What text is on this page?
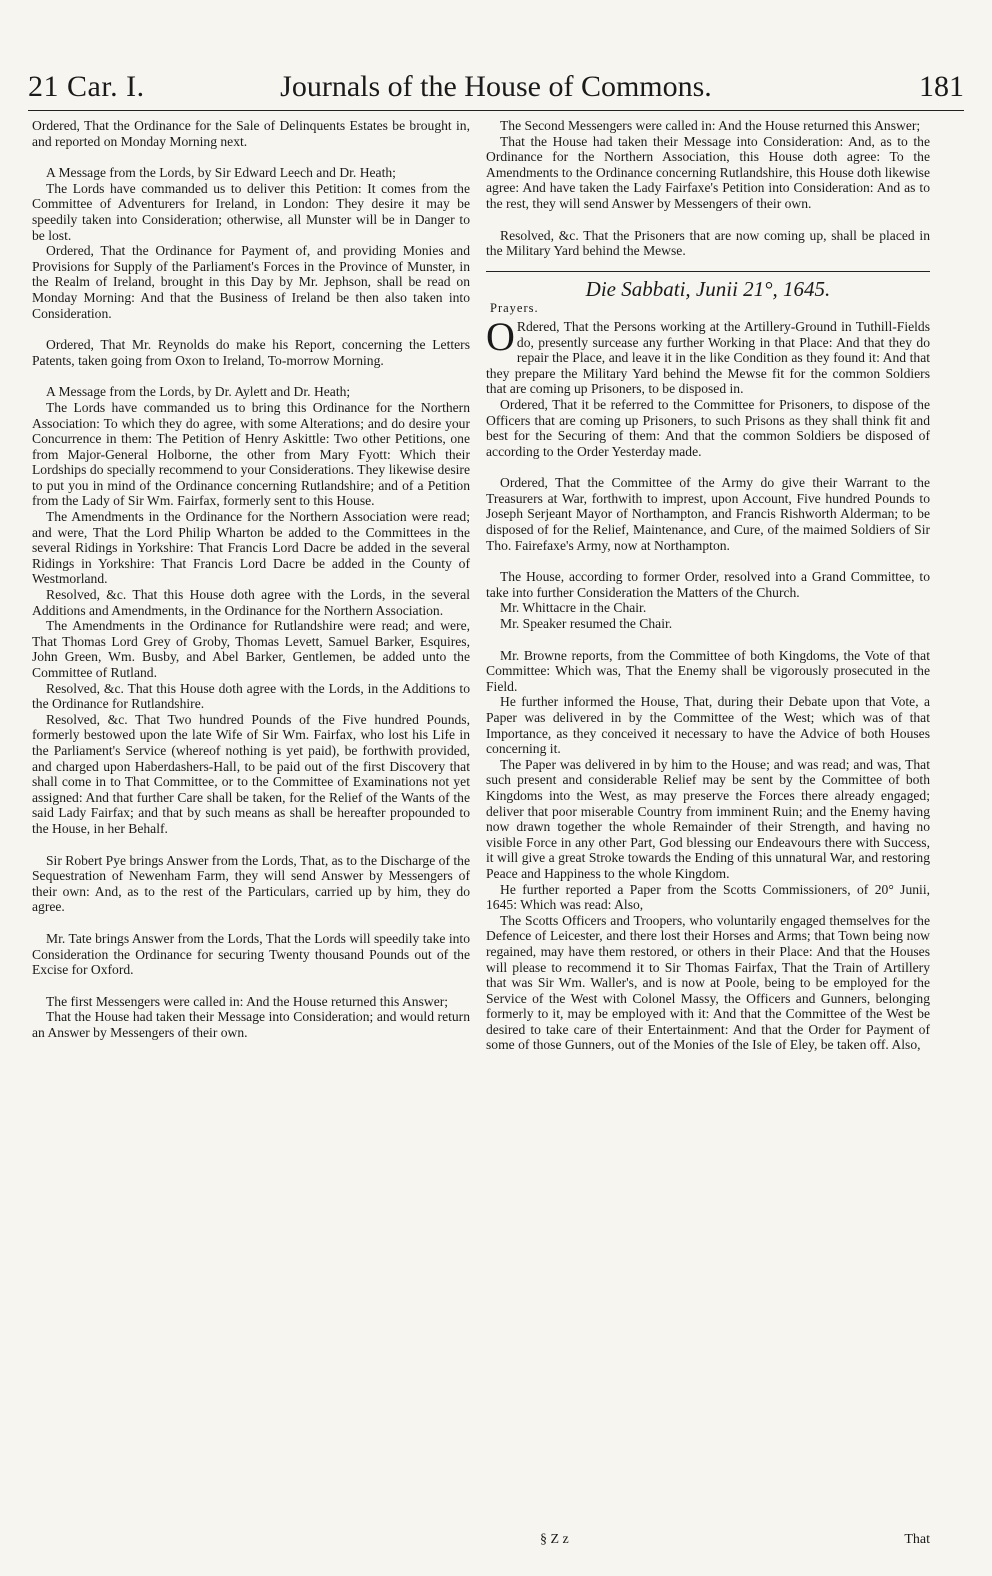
21 Car. I.	Journals of the House of Commons.	181

Ordered, That the Ordinance for the Sale of Delinquents Estates be brought in, and reported on Monday Morning next.

A Message from the Lords, by Sir Edward Leech and Dr. Heath;

The Lords have commanded us to deliver this Petition: It comes from the Committee of Adventurers for Ireland, in London: They desire it may be speedily taken into Consideration; otherwise, all Munster will be in Danger to be lost.

Ordered, That the Ordinance for Payment of, and providing Monies and Provisions for Supply of the Parliament's Forces in the Province of Munster, in the Realm of Ireland, brought in this Day by Mr. Jephson, shall be read on Monday Morning: And that the Business of Ireland be then also taken into Consideration.

Ordered, That Mr. Reynolds do make his Report, concerning the Letters Patents, taken going from Oxon to Ireland, To-morrow Morning.

A Message from the Lords, by Dr. Aylett and Dr. Heath;

The Lords have commanded us to bring this Ordinance for the Northern Association: To which they do agree, with some Alterations; and do desire your Concurrence in them: The Petition of Henry Askittle: Two other Petitions, one from Major-General Holborne, the other from Mary Fyott: Which their Lordships do specially recommend to your Considerations. They likewise desire to put you in mind of the Ordinance concerning Rutlandshire; and of a Petition from the Lady of Sir Wm. Fairfax, formerly sent to this House.

The Amendments in the Ordinance for the Northern Association were read; and were, That the Lord Philip Wharton be added to the Committees in the several Ridings in Yorkshire: That Francis Lord Dacre be added in the several Ridings in Yorkshire: That Francis Lord Dacre be added in the County of Westmorland.

Resolved, &c. That this House doth agree with the Lords, in the several Additions and Amendments, in the Ordinance for the Northern Association.

The Amendments in the Ordinance for Rutlandshire were read; and were, That Thomas Lord Grey of Groby, Thomas Levett, Samuel Barker, Esquires, John Green, Wm. Busby, and Abel Barker, Gentlemen, be added unto the Committee of Rutland.

Resolved, &c. That this House doth agree with the Lords, in the Additions to the Ordinance for Rutlandshire.

Resolved, &c. That Two hundred Pounds of the Five hundred Pounds, formerly bestowed upon the late Wife of Sir Wm. Fairfax, who lost his Life in the Parliament's Service (whereof nothing is yet paid), be forthwith provided, and charged upon Haberdashers-Hall, to be paid out of the first Discovery that shall come in to That Committee, or to the Committee of Examinations not yet assigned: And that further Care shall be taken, for the Relief of the Wants of the said Lady Fairfax; and that by such means as shall be hereafter propounded to the House, in her Behalf.

Sir Robert Pye brings Answer from the Lords, That, as to the Discharge of the Sequestration of Newenham Farm, they will send Answer by Messengers of their own: And, as to the rest of the Particulars, carried up by him, they do agree.

Mr. Tate brings Answer from the Lords, That the Lords will speedily take into Consideration the Ordinance for securing Twenty thousand Pounds out of the Excise for Oxford.

The first Messengers were called in: And the House returned this Answer;

That the House had taken their Message into Consideration; and would return an Answer by Messengers of their own.

The Second Messengers were called in: And the House returned this Answer;

That the House had taken their Message into Consideration: And, as to the Ordinance for the Northern Association, this House doth agree: To the Amendments to the Ordinance concerning Rutlandshire, this House doth likewise agree: And have taken the Lady Fairfaxe's Petition into Consideration: And as to the rest, they will send Answer by Messengers of their own.

Resolved, &c. That the Prisoners that are now coming up, shall be placed in the Military Yard behind the Mewse.

Die Sabbati, Junii 21°, 1645.
Prayers.

O Rdered, That the Persons working at the Artillery-Ground in Tuthill-Fields do, presently surcease any further Working in that Place: And that they do repair the Place, and leave it in the like Condition as they found it: And that they prepare the Military Yard behind the Mewse fit for the common Soldiers that are coming up Prisoners, to be disposed in.

Ordered, That it be referred to the Committee for Prisoners, to dispose of the Officers that are coming up Prisoners, to such Prisons as they shall think fit and best for the Securing of them: And that the common Soldiers be disposed of according to the Order Yesterday made.

Ordered, That the Committee of the Army do give their Warrant to the Treasurers at War, forthwith to imprest, upon Account, Five hundred Pounds to Joseph Serjeant Mayor of Northampton, and Francis Rishworth Alderman; to be disposed of for the Relief, Maintenance, and Cure, of the maimed Soldiers of Sir Tho. Fairefaxe's Army, now at Northampton.

The House, according to former Order, resolved into a Grand Committee, to take into further Consideration the Matters of the Church.

Mr. Whittacre in the Chair.

Mr. Speaker resumed the Chair.

Mr. Browne reports, from the Committee of both Kingdoms, the Vote of that Committee: Which was, That the Enemy shall be vigorously prosecuted in the Field.

He further informed the House, That, during their Debate upon that Vote, a Paper was delivered in by the Committee of the West; which was of that Importance, as they conceived it necessary to have the Advice of both Houses concerning it.

The Paper was delivered in by him to the House; and was read; and was, That such present and considerable Relief may be sent by the Committee of both Kingdoms into the West, as may preserve the Forces there already engaged; deliver that poor miserable Country from imminent Ruin; and the Enemy having now drawn together the whole Remainder of their Strength, and having no visible Force in any other Part, God blessing our Endeavours there with Success, it will give a great Stroke towards the Ending of this unnatural War, and restoring Peace and Happiness to the whole Kingdom.

He further reported a Paper from the Scotts Commissioners, of 20° Junii, 1645: Which was read: Also,

The Scotts Officers and Troopers, who voluntarily engaged themselves for the Defence of Leicester, and there lost their Horses and Arms; that Town being now regained, may have them restored, or others in their Place: And that the Houses will please to recommend it to Sir Thomas Fairfax, That the Train of Artillery that was Sir Wm. Waller's, and is now at Poole, being to be employed for the Service of the West with Colonel Massy, the Officers and Gunners, belonging formerly to it, may be employed with it: And that the Committee of the West be desired to take care of their Entertainment: And that the Order for Payment of some of those Gunners, out of the Monies of the Isle of Eley, be taken off. Also,

§ Z z	That
